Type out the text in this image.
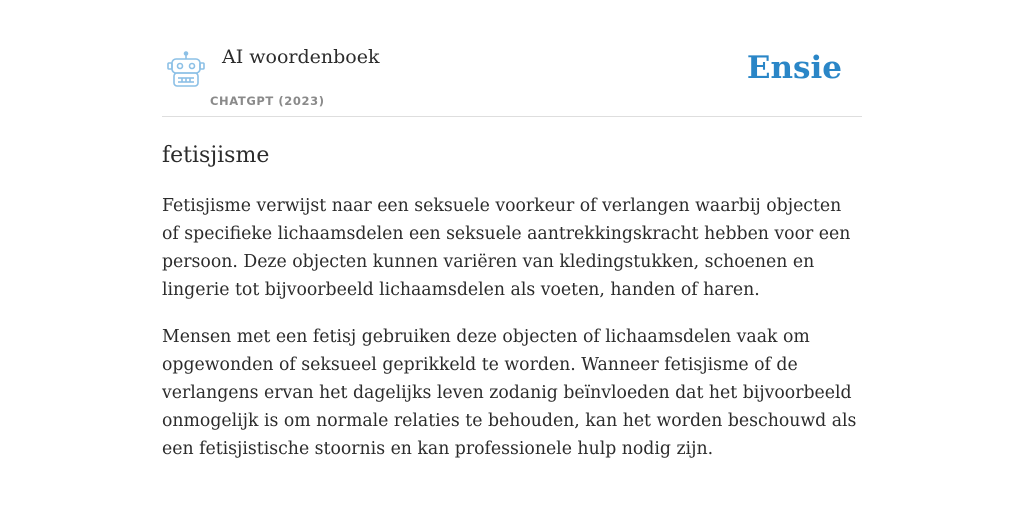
AI woordenboek
CHATGPT (2023)
Ensie
fetisjisme

Fetisjisme verwijst naar een seksuele voorkeur of verlangen waarbij objecten of specifieke lichaamsdelen een seksuele aantrekkingskracht hebben voor een persoon. Deze objecten kunnen variëren van kledingstukken, schoenen en lingerie tot bijvoorbeeld lichaamsdelen als voeten, handen of haren.

Mensen met een fetisj gebruiken deze objecten of lichaamsdelen vaak om opgewonden of seksueel geprikkeld te worden. Wanneer fetisjisme of de verlangens ervan het dagelijks leven zodanig beïnvloeden dat het bijvoorbeeld onmogelijk is om normale relaties te behouden, kan het worden beschouwd als een fetisjistische stoornis en kan professionele hulp nodig zijn.
